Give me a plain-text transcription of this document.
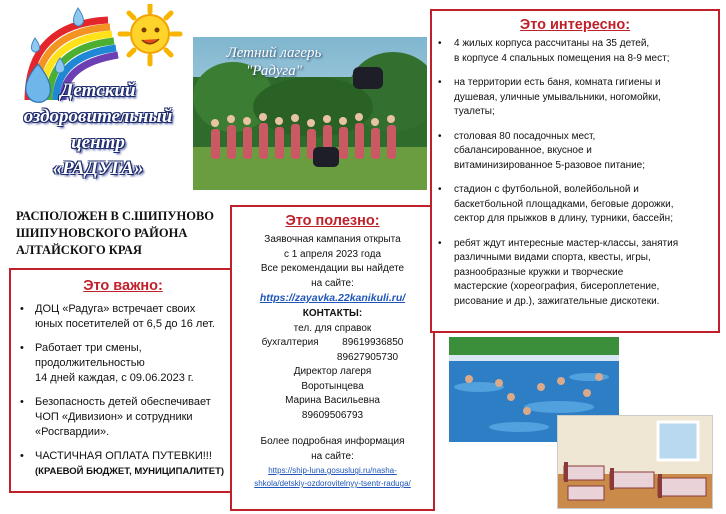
Детский
оздоровительный
центр
«РАДУГА»
Летний лагерь
"Радуга"
РАСПОЛОЖЕН В С.ШИПУНОВО
ШИПУНОВСКОГО РАЙОНА
АЛТАЙСКОГО КРАЯ
Это важно:
• ДОЦ «Радуга» встречает своих
юных посетителей от 6,5 до 16 лет.
• Работает три смены,
продолжительностью
14 дней каждая, с 09.06.2023 г.
• Безопасность детей обеспечивает
ЧОП «Дивизион» и сотрудники
«Росгвардии».
• ЧАСТИЧНАЯ ОПЛАТА ПУТЕВКИ!!!
(КРАЕВОЙ БЮДЖЕТ, МУНИЦИПАЛИТЕТ)
Это полезно:
Заявочная кампания открыта
с 1 апреля 2023 года
Все рекомендации вы найдете
на сайте:
https://zayavka.22kanikuli.ru/
КОНТАКТЫ:
тел. для справок
бухгалтерия 89619936850
89627905730
Директор лагеря
Воротынцева
Марина Васильевна
89609506793
Более подробная информация
на сайте:
https://ship-luna.gosuslugi.ru/nasha-
shkola/detskiy-ozdorovitelnyy-tsentr-raduga/
Это интересно:
• 4 жилых корпуса рассчитаны на 35 детей,
в корпусе 4 спальных помещения на 8-9 мест;
• на территории есть баня, комната гигиены и
душевая, уличные умывальники, ногомойки,
туалеты;
• столовая 80 посадочных мест,
сбалансированное, вкусное и
витаминизированное 5-разовое питание;
• стадион с футбольной, волейбольной и
баскетбольной площадками, беговые дорожки,
сектор для прыжков в длину, турники, бассейн;
• ребят ждут интересные мастер-классы, занятия
различными видами спорта, квесты, игры,
разнообразные кружки и творческие
мастерские (хореография, бисероплетение,
рисование и др.), зажигательные дискотеки.
